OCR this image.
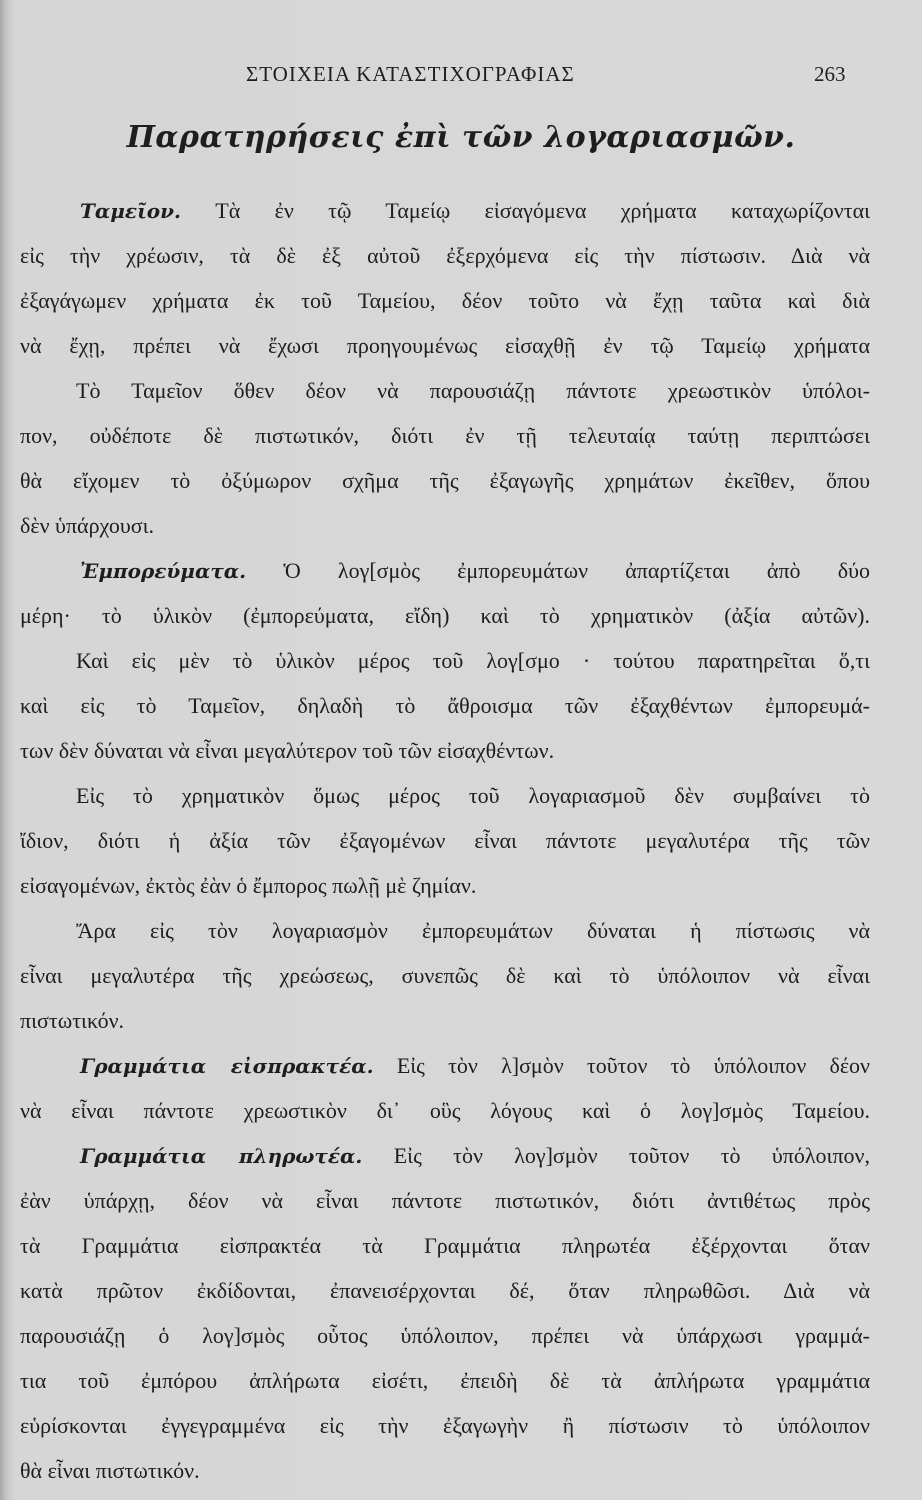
ΣΤΟΙΧΕΙΑ ΚΑΤΑΣΤΙΧΟΓΡΑΦΙΑΣ	263
Παρατηρήσεις ἐπὶ τῶν λογαριασμῶν.
Ταμεῖον. Τὰ ἐν τῷ Ταμείῳ εἰσαγόμενα χρήματα καταχωρίζονται
εἰς τὴν χρέωσιν, τὰ δὲ ἐξ αὐτοῦ ἐξερχόμενα εἰς τὴν πίστωσιν. Διὰ νὰ
ἐξαγάγωμεν χρήματα ἐκ τοῦ Ταμείου, δέον τοῦτο νὰ ἔχῃ ταῦτα καὶ διὰ
νὰ ἔχῃ, πρέπει νὰ ἔχωσι προηγουμένως εἰσαχθῇ ἐν τῷ Ταμείῳ χρήματα
Τὸ Ταμεῖον ὅθεν δέον νὰ παρουσιάζῃ πάντοτε χρεωστικὸν ὑπόλοι-
πον, οὐδέποτε δὲ πιστωτικόν, διότι ἐν τῇ τελευταίᾳ ταύτῃ περιπτώσει
θὰ εἴχομεν τὸ ὀξύμωρον σχῆμα τῆς ἐξαγωγῆς χρημάτων ἐκεῖθεν, ὅπου
δὲν ὑπάρχουσι.
Ἐμπορεύματα. Ὁ λογ[σμὸς ἐμπορευμάτων ἀπαρτίζεται ἀπὸ δύο
μέρη· τὸ ὑλικὸν (ἐμπορεύματα, εἴδη) καὶ τὸ χρηματικὸν (ἀξία αὐτῶν).
Καὶ εἰς μὲν τὸ ὑλικὸν μέρος τοῦ λογ[σμο · τούτου παρατηρεῖται ὅ,τι
καὶ εἰς τὸ Ταμεῖον, δηλαδὴ τὸ ἄθροισμα τῶν ἐξαχθέντων ἐμπορευμά-
των δὲν δύναται νὰ εἶναι μεγαλύτερον τοῦ τῶν εἰσαχθέντων.
Εἰς τὸ χρηματικὸν ὅμως μέρος τοῦ λογαριασμοῦ δὲν συμβαίνει τὸ
ἴδιον, διότι ἡ ἀξία τῶν ἐξαγομένων εἶναι πάντοτε μεγαλυτέρα τῆς τῶν
εἰσαγομένων, ἐκτὸς ἐὰν ὁ ἔμπορος πωλῇ μὲ ζημίαν.
Ἄρα εἰς τὸν λογαριασμὸν ἐμπορευμάτων δύναται ἡ πίστωσις νὰ
εἶναι μεγαλυτέρα τῆς χρεώσεως, συνεπῶς δὲ καὶ τὸ ὑπόλοιπον νὰ εἶναι
πιστωτικόν.
Γραμμάτια εἰσπρακτέα. Εἰς τὸν λ]σμὸν τοῦτον τὸ ὑπόλοιπον δέον
νὰ εἶναι πάντοτε χρεωστικὸν δι᾽ οὓς λόγους καὶ ὁ λογ]σμὸς Ταμείου.
Γραμμάτια πληρωτέα. Εἰς τὸν λογ]σμὸν τοῦτον τὸ ὑπόλοιπον,
ἐὰν ὑπάρχῃ, δέον νὰ εἶναι πάντοτε πιστωτικόν, διότι ἀντιθέτως πρὸς
τὰ Γραμμάτια εἰσπρακτέα τὰ Γραμμάτια πληρωτέα ἐξέρχονται ὅταν
κατὰ πρῶτον ἐκδίδονται, ἐπανεισέρχονται δέ, ὅταν πληρωθῶσι. Διὰ νὰ
παρουσιάζῃ ὁ λογ]σμὸς οὗτος ὑπόλοιπον, πρέπει νὰ ὑπάρχωσι γραμμά-
τια τοῦ ἐμπόρου ἀπλήρωτα εἰσέτι, ἐπειδὴ δὲ τὰ ἀπλήρωτα γραμμάτια
εὑρίσκονται ἐγγεγραμμένα εἰς τὴν ἐξαγωγὴν ἢ πίστωσιν τὸ ὑπόλοιπον
θὰ εἶναι πιστωτικόν.
